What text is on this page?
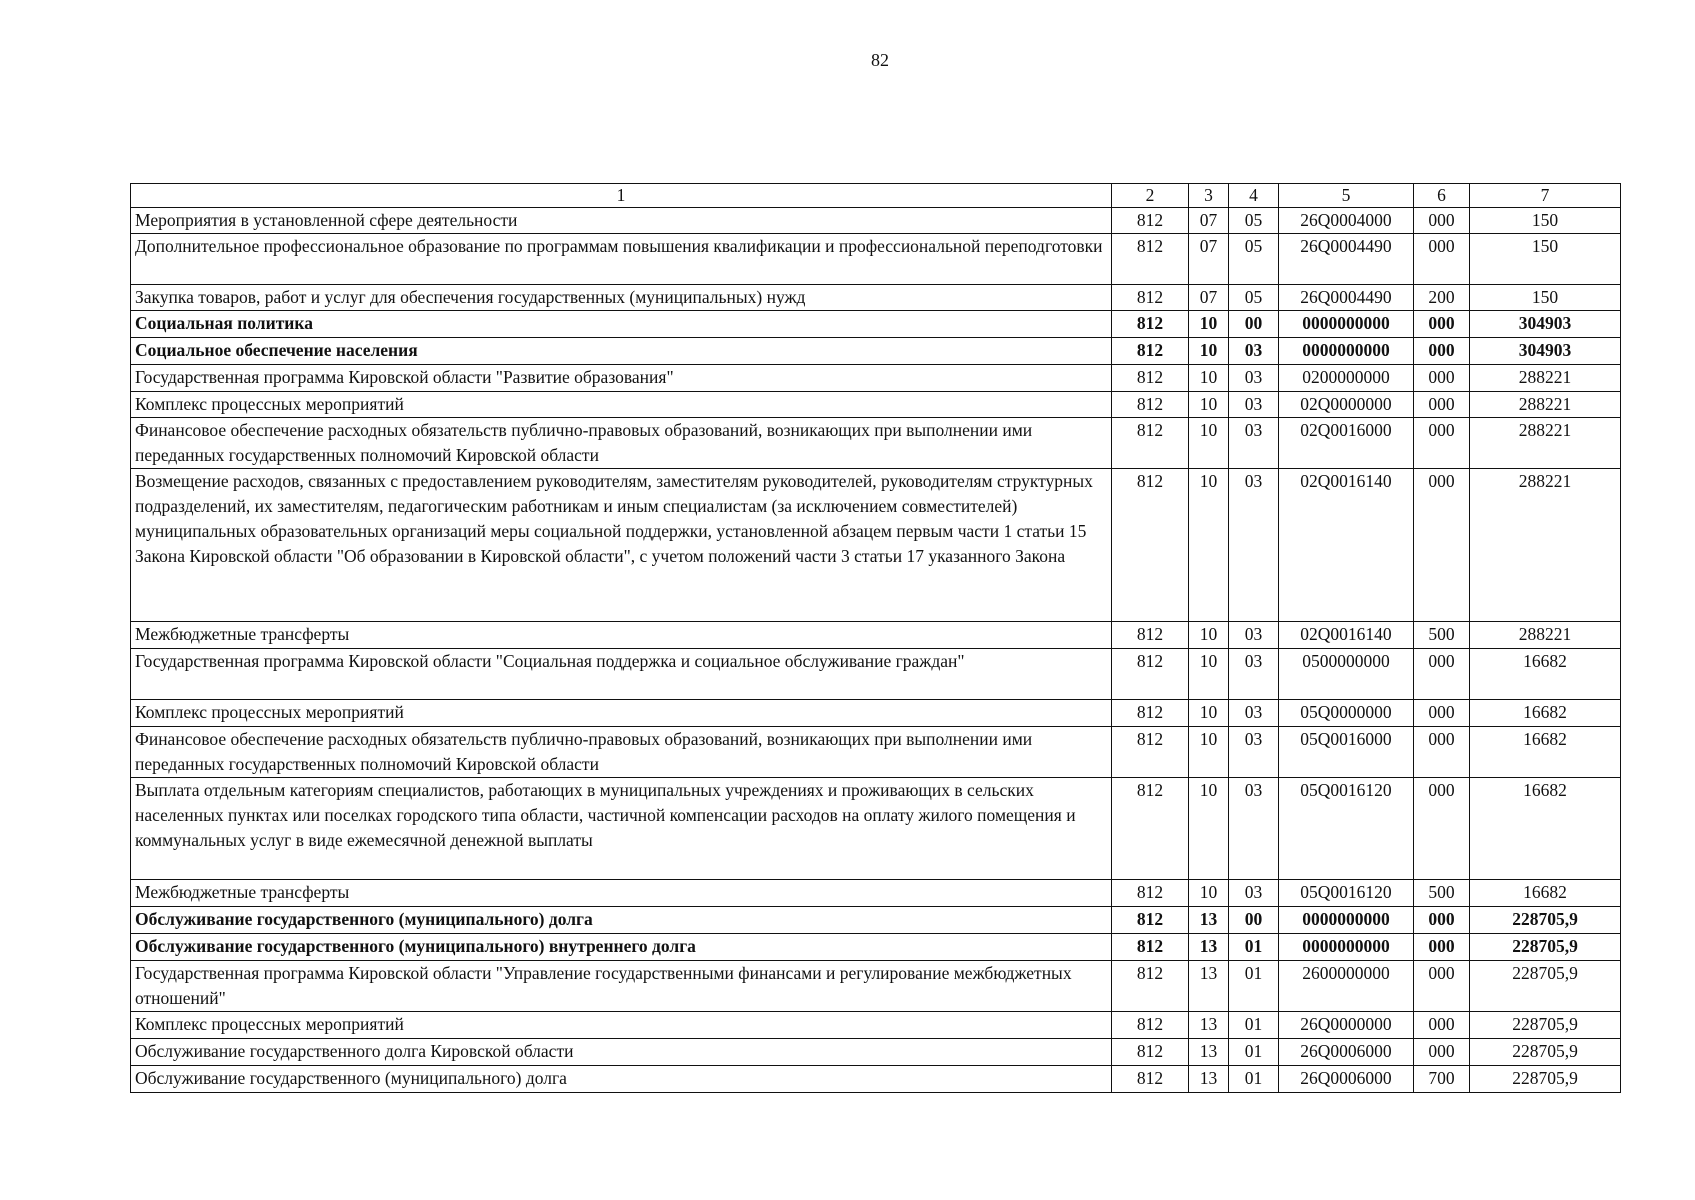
82
1	2	3	4	5	6	7
Мероприятия в установленной сфере деятельности	812	07	05	26Q0004000	000	150
Дополнительное профессиональное образование по программам повышения квалификации и профессиональной переподготовки	812	07	05	26Q0004490	000	150
Закупка товаров, работ и услуг для обеспечения государственных (муниципальных) нужд	812	07	05	26Q0004490	200	150
Социальная политика	812	10	00	0000000000	000	304903
Социальное обеспечение населения	812	10	03	0000000000	000	304903
Государственная программа Кировской области "Развитие образования"	812	10	03	0200000000	000	288221
Комплекс процессных мероприятий	812	10	03	02Q0000000	000	288221
Финансовое обеспечение расходных обязательств публично-правовых образований, возникающих при выполнении ими переданных государственных полномочий Кировской области	812	10	03	02Q0016000	000	288221
Возмещение расходов, связанных с предоставлением руководителям, заместителям руководителей, руководителям структурных подразделений, их заместителям, педагогическим работникам и иным специалистам (за исключением совместителей) муниципальных образовательных организаций меры социальной поддержки, установленной абзацем первым части 1 статьи 15 Закона Кировской области "Об образовании в Кировской области", с учетом положений части 3 статьи 17 указанного Закона	812	10	03	02Q0016140	000	288221
Межбюджетные трансферты	812	10	03	02Q0016140	500	288221
Государственная программа Кировской области "Социальная поддержка и социальное обслуживание граждан"	812	10	03	0500000000	000	16682
Комплекс процессных мероприятий	812	10	03	05Q0000000	000	16682
Финансовое обеспечение расходных обязательств публично-правовых образований, возникающих при выполнении ими переданных государственных полномочий Кировской области	812	10	03	05Q0016000	000	16682
Выплата отдельным категориям специалистов, работающих в муниципальных учреждениях и проживающих в сельских населенных пунктах или поселках городского типа области, частичной компенсации расходов на оплату жилого помещения и коммунальных услуг в виде ежемесячной денежной выплаты	812	10	03	05Q0016120	000	16682
Межбюджетные трансферты	812	10	03	05Q0016120	500	16682
Обслуживание государственного (муниципального) долга	812	13	00	0000000000	000	228705,9
Обслуживание государственного (муниципального) внутреннего долга	812	13	01	0000000000	000	228705,9
Государственная программа Кировской области "Управление государственными финансами и регулирование межбюджетных отношений"	812	13	01	2600000000	000	228705,9
Комплекс процессных мероприятий	812	13	01	26Q0000000	000	228705,9
Обслуживание государственного долга Кировской области	812	13	01	26Q0006000	000	228705,9
Обслуживание государственного (муниципального) долга	812	13	01	26Q0006000	700	228705,9
